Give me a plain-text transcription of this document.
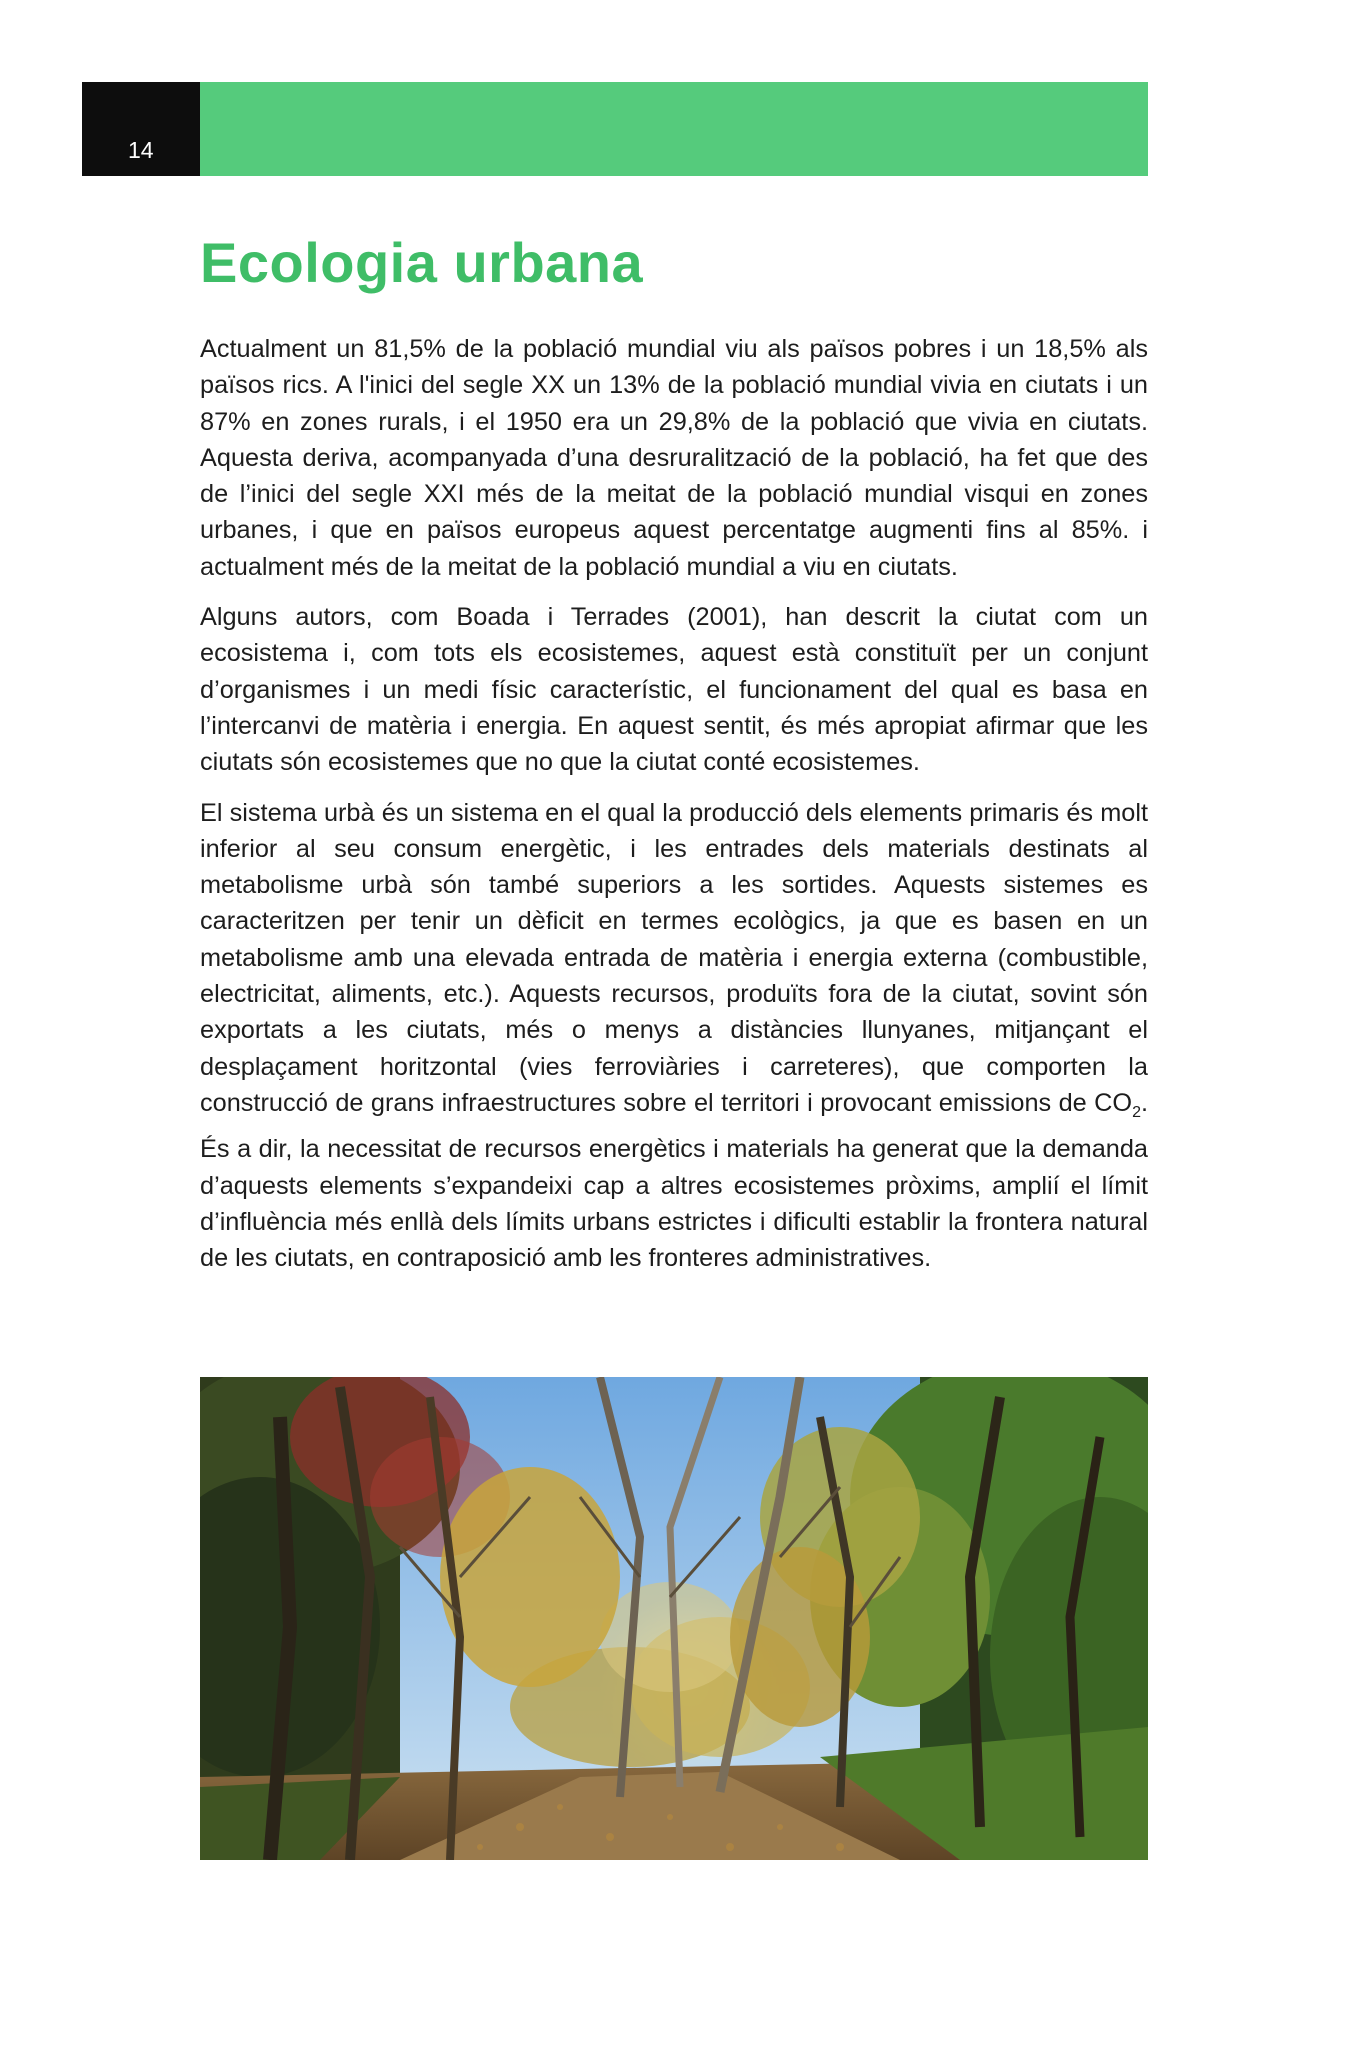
14
Ecologia urbana

Actualment un 81,5% de la població mundial viu als països pobres i un 18,5% als països rics. A l'inici del segle XX un 13% de la població mundial vivia en ciutats i un 87% en zones rurals, i el 1950 era un 29,8% de la població que vivia en ciutats. Aquesta deriva, acompanyada d’una desruralització de la població, ha fet que des de l’inici del segle XXI més de la meitat de la població mundial visqui en zones urbanes, i que en països europeus aquest percentatge augmenti fins al 85%. i actualment més de la meitat de la població mundial a viu en ciutats.

Alguns autors, com Boada i Terrades (2001), han descrit la ciutat com un ecosistema i, com tots els ecosistemes, aquest està constituït per un conjunt d’organismes i un medi físic característic, el funcionament del qual es basa en l’intercanvi de matèria i energia. En aquest sentit, és més apropiat afirmar que les ciutats són ecosistemes que no que la ciutat conté ecosistemes.

El sistema urbà és un sistema en el qual la producció dels elements primaris és molt inferior al seu consum energètic, i les entrades dels materials destinats al metabolisme urbà són també superiors a les sortides. Aquests sistemes es caracteritzen per tenir un dèficit en termes ecològics, ja que es basen en un metabolisme amb una elevada entrada de matèria i energia externa (combustible, electricitat, aliments, etc.). Aquests recursos, produïts fora de la ciutat, sovint són exportats a les ciutats, més o menys a distàncies llunyanes, mitjançant el desplaçament horitzontal (vies ferroviàries i carreteres), que comporten la construcció de grans infraestructures sobre el territori i provocant emissions de $CO_2$. És a dir, la necessitat de recursos energètics i materials ha generat que la demanda d’aquests elements s’expandeixi cap a altres ecosistemes pròxims, amplií el límit d’influència més enllà dels límits urbans estrictes i dificulti establir la frontera natural de les ciutats, en contraposició amb les fronteres administratives.
